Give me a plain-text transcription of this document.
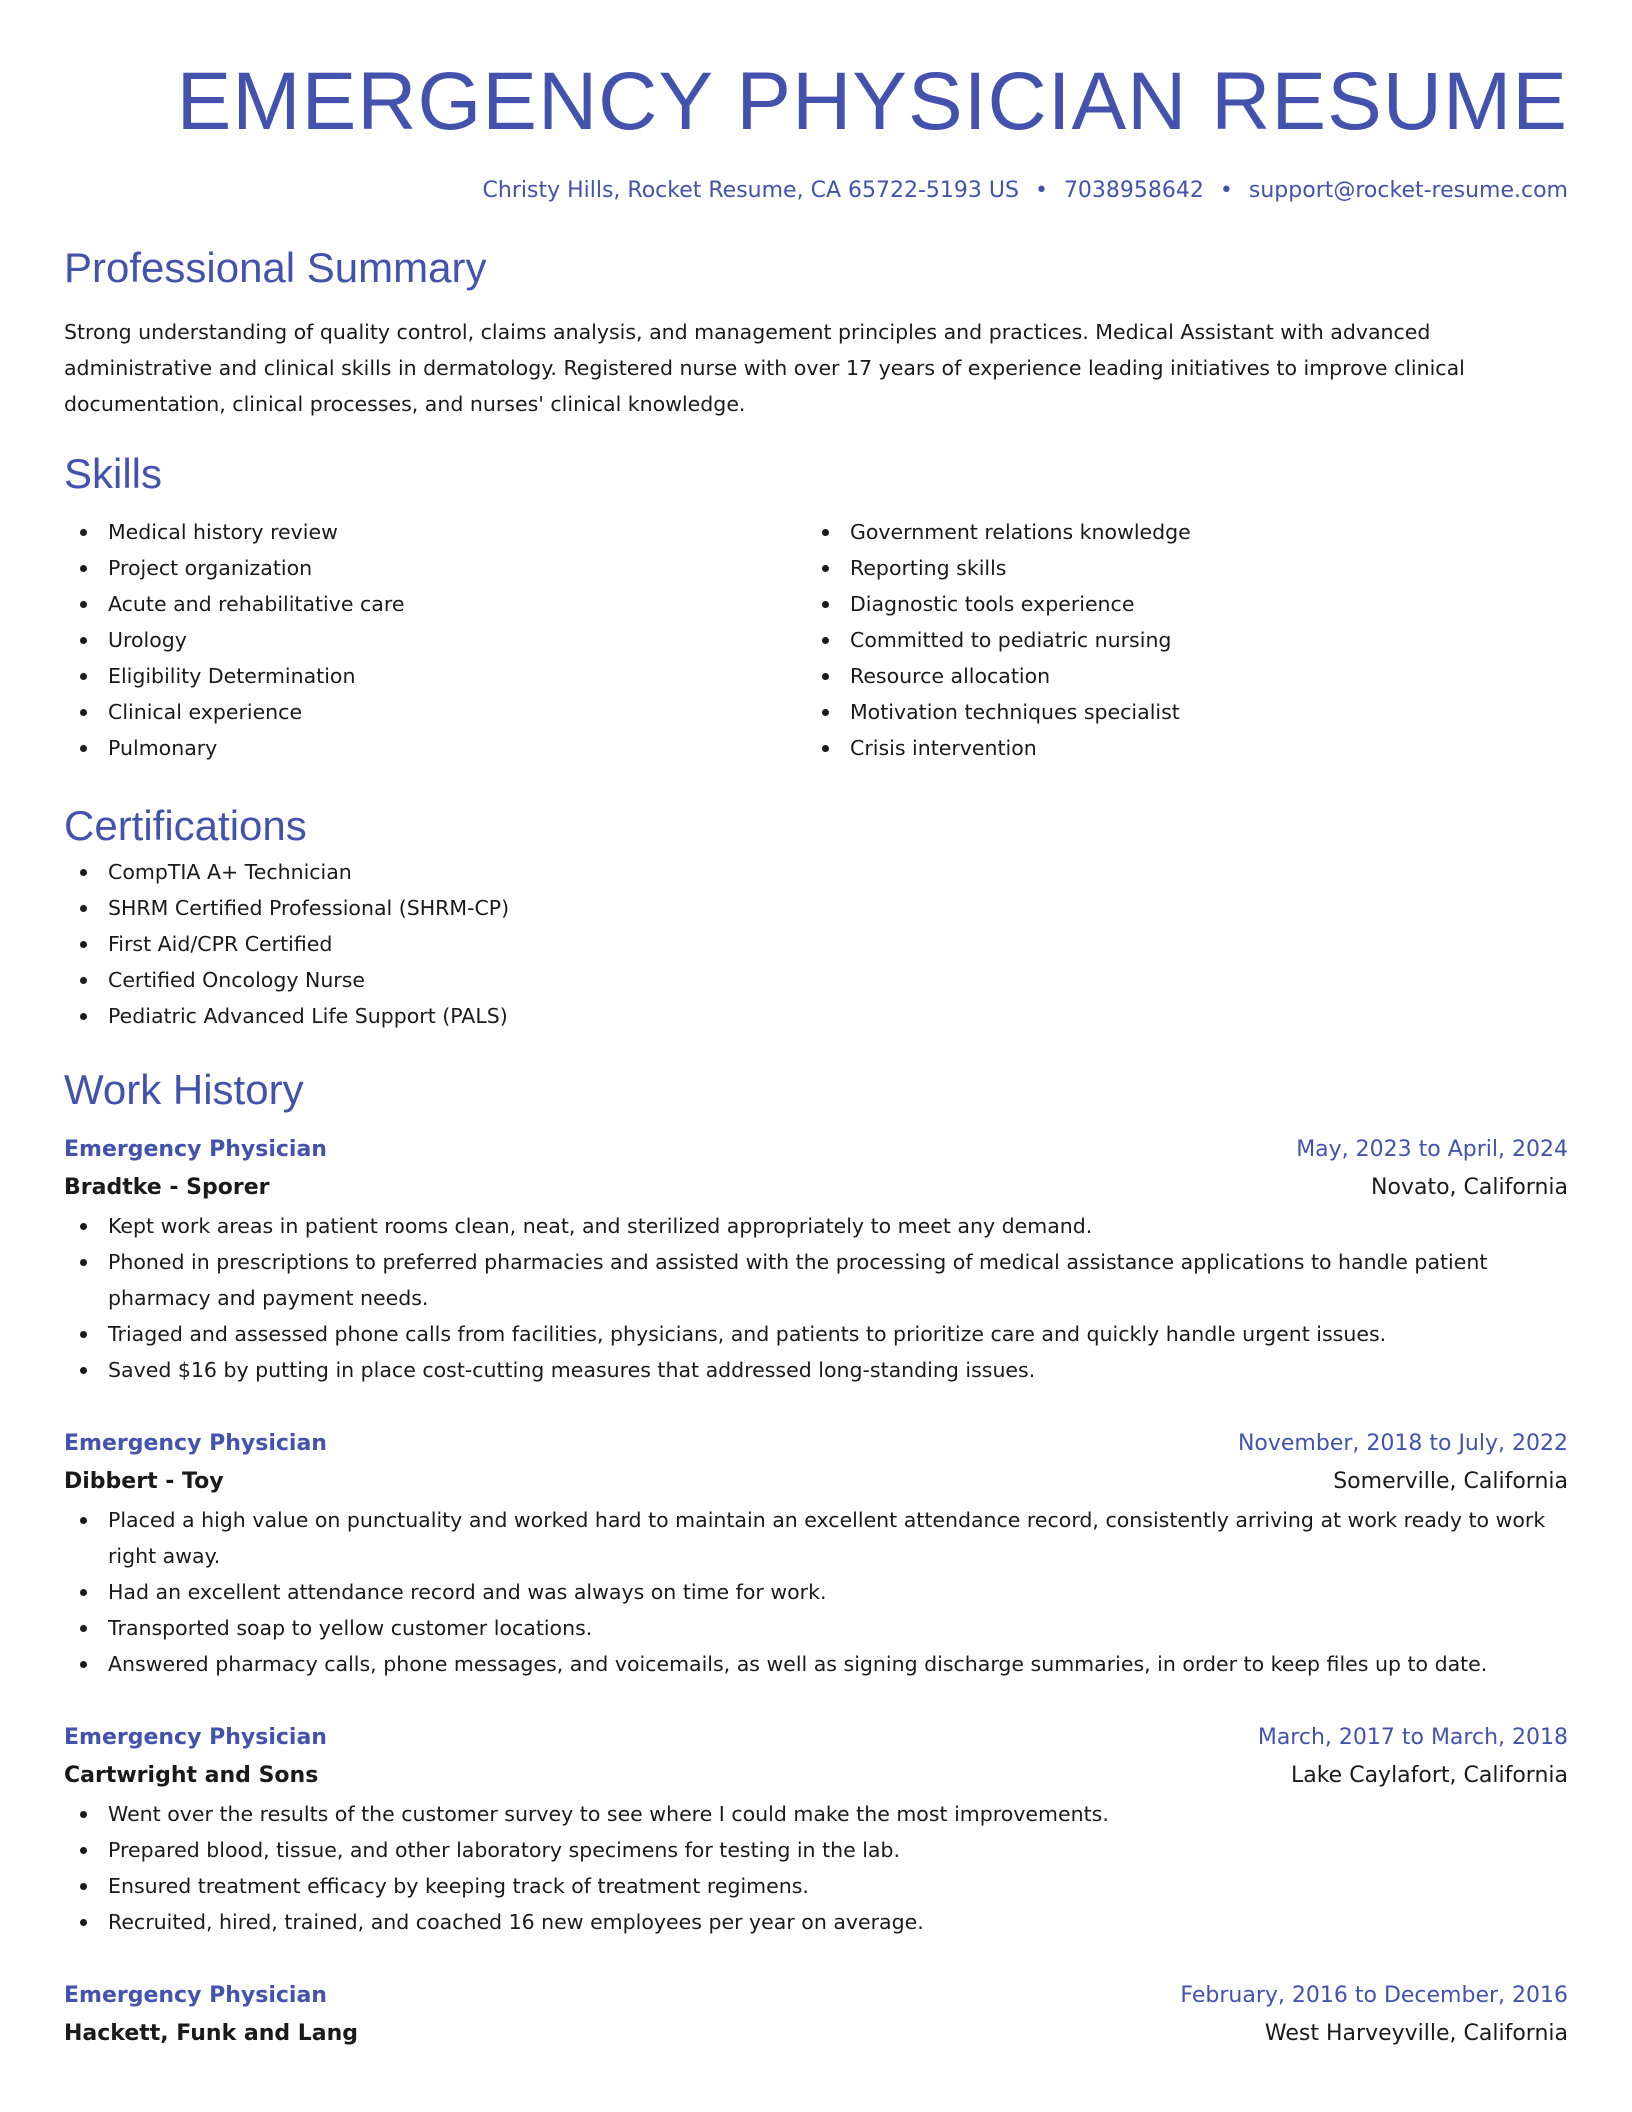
EMERGENCY PHYSICIAN RESUME
Christy Hills, Rocket Resume, CA 65722-5193 US • 7038958642 • support@rocket-resume.com
Professional Summary

Strong understanding of quality control, claims analysis, and management principles and practices. Medical Assistant with advanced administrative and clinical skills in dermatology. Registered nurse with over 17 years of experience leading initiatives to improve clinical documentation, clinical processes, and nurses' clinical knowledge.

Skills
Medical history review
Project organization
Acute and rehabilitative care
Urology
Eligibility Determination
Clinical experience
Pulmonary
Government relations knowledge
Reporting skills
Diagnostic tools experience
Committed to pediatric nursing
Resource allocation
Motivation techniques specialist
Crisis intervention
Certifications
CompTIA A+ Technician
SHRM Certified Professional (SHRM-CP)
First Aid/CPR Certified
Certified Oncology Nurse
Pediatric Advanced Life Support (PALS)
Work History
Emergency Physician	May, 2023 to April, 2024
Bradtke - Sporer	Novato, California
Kept work areas in patient rooms clean, neat, and sterilized appropriately to meet any demand.
Phoned in prescriptions to preferred pharmacies and assisted with the processing of medical assistance applications to handle patient pharmacy and payment needs.
Triaged and assessed phone calls from facilities, physicians, and patients to prioritize care and quickly handle urgent issues.
Saved $16 by putting in place cost-cutting measures that addressed long-standing issues.
Emergency Physician	November, 2018 to July, 2022
Dibbert - Toy	Somerville, California
Placed a high value on punctuality and worked hard to maintain an excellent attendance record, consistently arriving at work ready to work right away.
Had an excellent attendance record and was always on time for work.
Transported soap to yellow customer locations.
Answered pharmacy calls, phone messages, and voicemails, as well as signing discharge summaries, in order to keep files up to date.
Emergency Physician	March, 2017 to March, 2018
Cartwright and Sons	Lake Caylafort, California
Went over the results of the customer survey to see where I could make the most improvements.
Prepared blood, tissue, and other laboratory specimens for testing in the lab.
Ensured treatment efficacy by keeping track of treatment regimens.
Recruited, hired, trained, and coached 16 new employees per year on average.
Emergency Physician	February, 2016 to December, 2016
Hackett, Funk and Lang	West Harveyville, California
